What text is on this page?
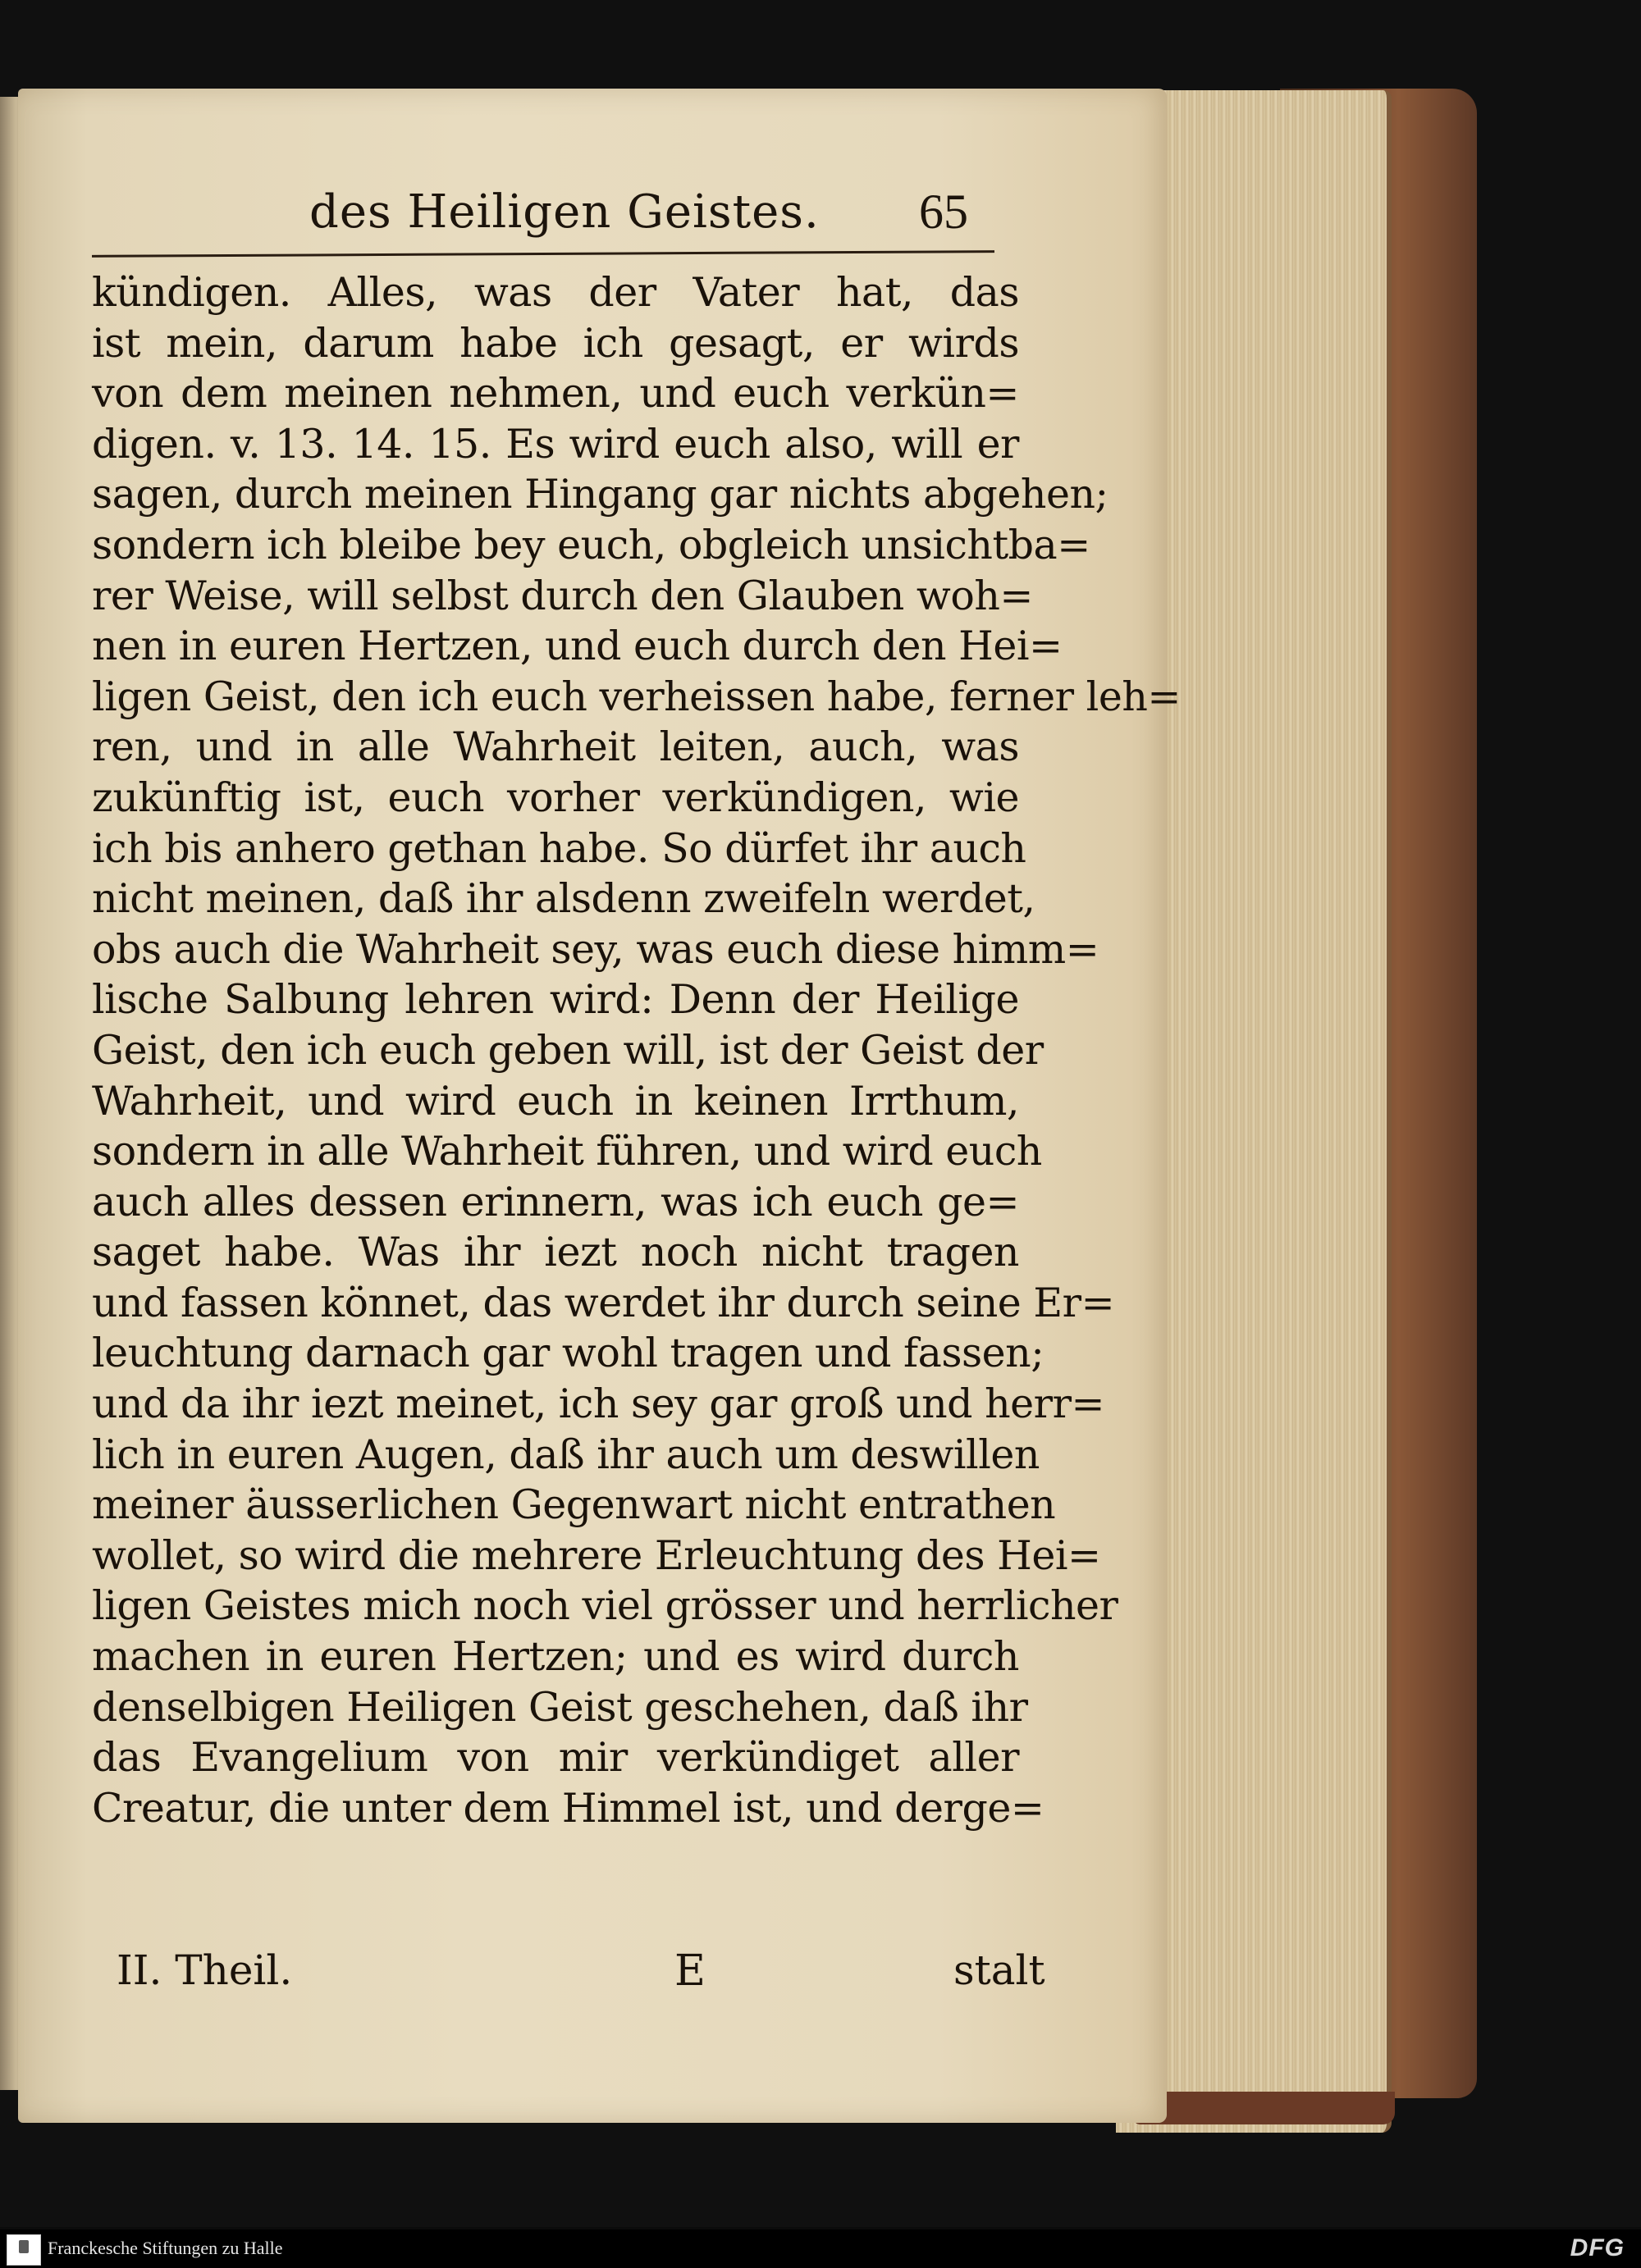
des Heiligen Geistes. 65
kündigen. Alles, was der Vater hat, das
ist mein, darum habe ich gesagt, er wirds
von dem meinen nehmen, und euch verkün=
digen. v. 13. 14. 15. Es wird euch also, will er
sagen, durch meinen Hingang gar nichts abgehen;
sondern ich bleibe bey euch, obgleich unsichtba=
rer Weise, will selbst durch den Glauben woh=
nen in euren Hertzen, und euch durch den Hei=
ligen Geist, den ich euch verheissen habe, ferner leh=
ren, und in alle Wahrheit leiten, auch, was
zukünftig ist, euch vorher verkündigen, wie
ich bis anhero gethan habe. So dürfet ihr auch
nicht meinen, daß ihr alsdenn zweifeln werdet,
obs auch die Wahrheit sey, was euch diese himm=
lische Salbung lehren wird: Denn der Heilige
Geist, den ich euch geben will, ist der Geist der
Wahrheit, und wird euch in keinen Irrthum,
sondern in alle Wahrheit führen, und wird euch
auch alles dessen erinnern, was ich euch ge=
saget habe. Was ihr iezt noch nicht tragen
und fassen könnet, das werdet ihr durch seine Er=
leuchtung darnach gar wohl tragen und fassen;
und da ihr iezt meinet, ich sey gar groß und herr=
lich in euren Augen, daß ihr auch um deswillen
meiner äusserlichen Gegenwart nicht entrathen
wollet, so wird die mehrere Erleuchtung des Hei=
ligen Geistes mich noch viel grösser und herrlicher
machen in euren Hertzen; und es wird durch
denselbigen Heiligen Geist geschehen, daß ihr
das Evangelium von mir verkündiget aller
Creatur, die unter dem Himmel ist, und derge=
II. Theil.	E	stalt
Franckesche Stiftungen zu Halle	DFG
